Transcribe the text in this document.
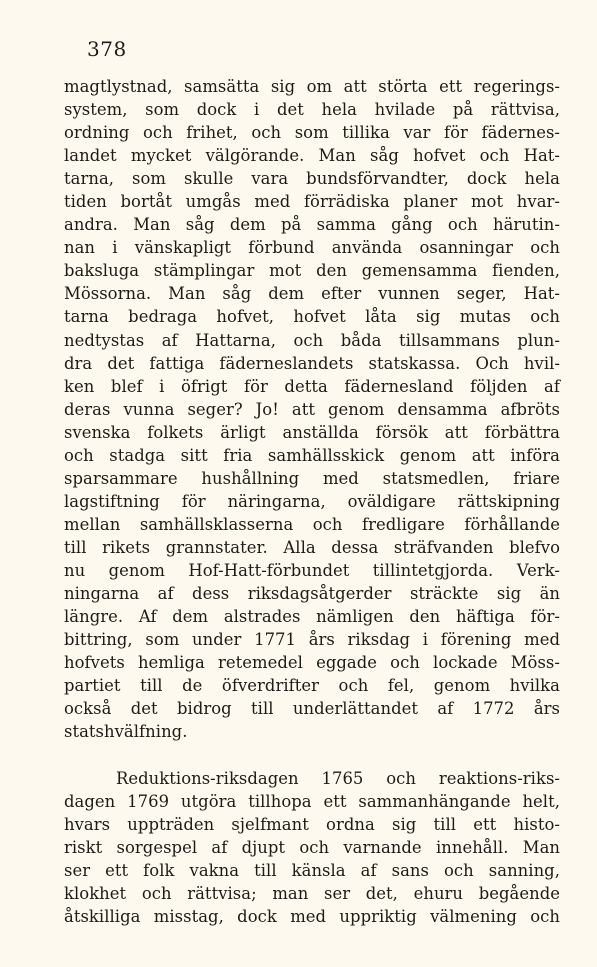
378
magtlystnad, samsätta sig om att störta ett regerings-
system, som dock i det hela hvilade på rättvisa,
ordning och frihet, och som tillika var för fädernes-
landet mycket välgörande. Man såg hofvet och Hat-
tarna, som skulle vara bundsförvandter, dock hela
tiden bortåt umgås med förrädiska planer mot hvar-
andra. Man såg dem på samma gång och härutin-
nan i vänskapligt förbund använda osanningar och
baksluga stämplingar mot den gemensamma fienden,
Mössorna. Man såg dem efter vunnen seger, Hat-
tarna bedraga hofvet, hofvet låta sig mutas och
nedtystas af Hattarna, och båda tillsammans plun-
dra det fattiga fäderneslandets statskassa. Och hvil-
ken blef i öfrigt för detta fädernesland följden af
deras vunna seger? Jo! att genom densamma afbröts
svenska folkets ärligt anställda försök att förbättra
och stadga sitt fria samhällsskick genom att införa
sparsammare hushållning med statsmedlen, friare
lagstiftning för näringarna, oväldigare rättskipning
mellan samhällsklasserna och fredligare förhållande
till rikets grannstater. Alla dessa sträfvanden blefvo
nu genom Hof-Hatt-förbundet tillintetgjorda. Verk-
ningarna af dess riksdagsåtgerder sträckte sig än
längre. Af dem alstrades nämligen den häftiga för-
bittring, som under 1771 års riksdag i förening med
hofvets hemliga retemedel eggade och lockade Möss-
partiet till de öfverdrifter och fel, genom hvilka
också det bidrog till underlättandet af 1772 års
statshvälfning.
Reduktions-riksdagen 1765 och reaktions-riks-
dagen 1769 utgöra tillhopa ett sammanhängande helt,
hvars uppträden sjelfmant ordna sig till ett histo-
riskt sorgespel af djupt och varnande innehåll. Man
ser ett folk vakna till känsla af sans och sanning,
klokhet och rättvisa; man ser det, ehuru begående
åtskilliga misstag, dock med uppriktig välmening och
